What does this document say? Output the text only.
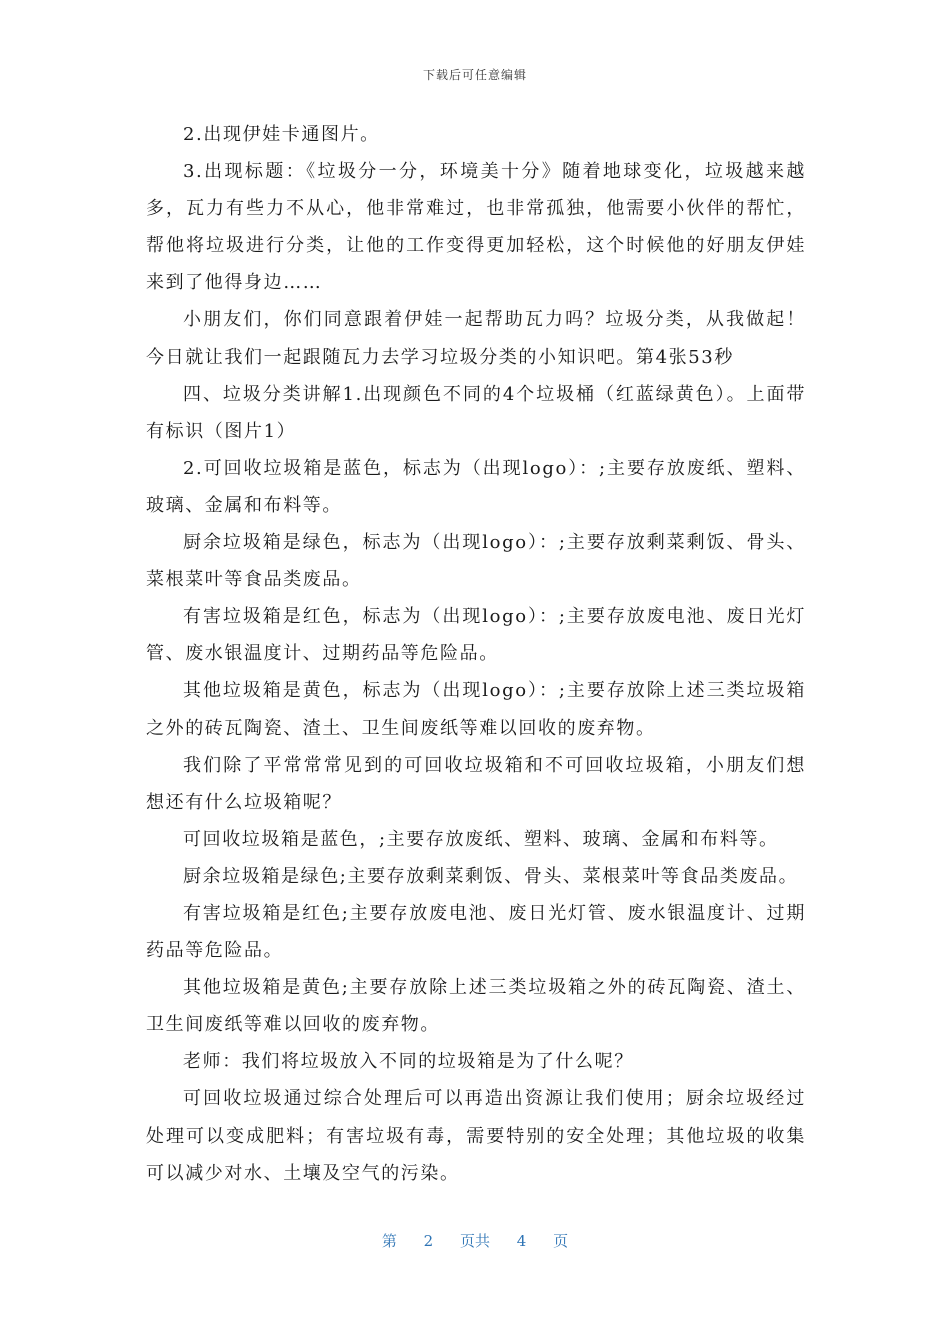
下载后可任意编辑

2.出现伊娃卡通图片。

3.出现标题：《垃圾分一分，环境美十分》随着地球变化，垃圾越来越多，瓦力有些力不从心，他非常难过，也非常孤独，他需要小伙伴的帮忙，帮他将垃圾进行分类，让他的工作变得更加轻松，这个时候他的好朋友伊娃来到了他得身边……

小朋友们，你们同意跟着伊娃一起帮助瓦力吗？垃圾分类，从我做起！今日就让我们一起跟随瓦力去学习垃圾分类的小知识吧。第4张53秒

四、垃圾分类讲解1.出现颜色不同的4个垃圾桶（红蓝绿黄色）。上面带有标识（图片1）

2.可回收垃圾箱是蓝色，标志为（出现logo）：;主要存放废纸、塑料、玻璃、金属和布料等。

厨余垃圾箱是绿色，标志为（出现logo）：;主要存放剩菜剩饭、骨头、菜根菜叶等食品类废品。

有害垃圾箱是红色，标志为（出现logo）：;主要存放废电池、废日光灯管、废水银温度计、过期药品等危险品。

其他垃圾箱是黄色，标志为（出现logo）：;主要存放除上述三类垃圾箱之外的砖瓦陶瓷、渣土、卫生间废纸等难以回收的废弃物。

我们除了平常常常见到的可回收垃圾箱和不可回收垃圾箱，小朋友们想想还有什么垃圾箱呢？

可回收垃圾箱是蓝色，;主要存放废纸、塑料、玻璃、金属和布料等。

厨余垃圾箱是绿色;主要存放剩菜剩饭、骨头、菜根菜叶等食品类废品。

有害垃圾箱是红色;主要存放废电池、废日光灯管、废水银温度计、过期药品等危险品。

其他垃圾箱是黄色;主要存放除上述三类垃圾箱之外的砖瓦陶瓷、渣土、卫生间废纸等难以回收的废弃物。

老师：我们将垃圾放入不同的垃圾箱是为了什么呢？

可回收垃圾通过综合处理后可以再造出资源让我们使用；厨余垃圾经过处理可以变成肥料；有害垃圾有毒，需要特别的安全处理；其他垃圾的收集可以减少对水、土壤及空气的污染。

第 2 页共 4 页
